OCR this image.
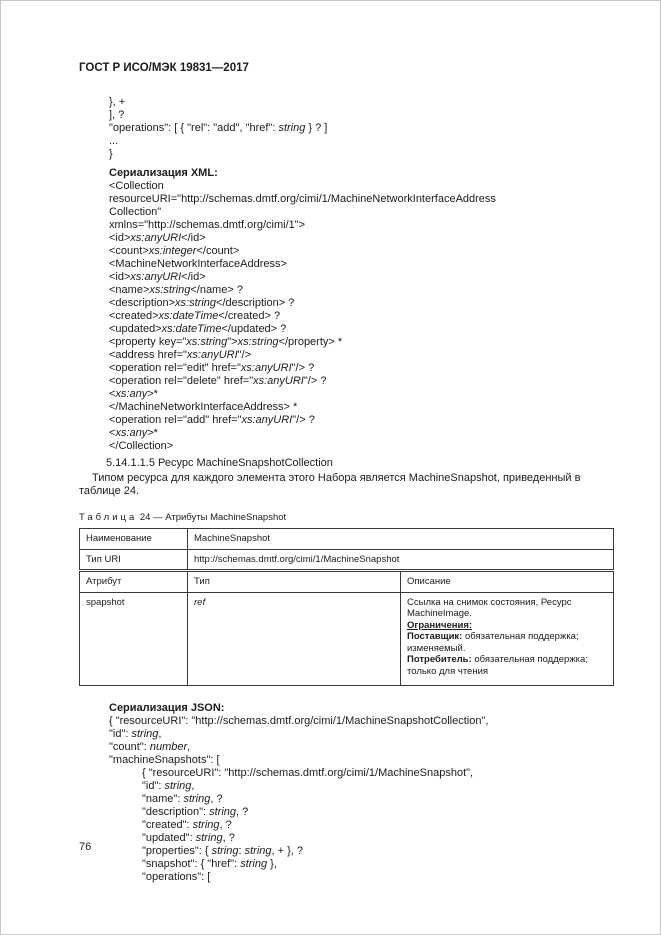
ГОСТ Р ИСО/МЭК 19831—2017
}, +
], ?
"operations": [ { "rel": "add", "href": string } ? ]
...
}
Сериализация XML:
<Collection
resourceURI="http://schemas.dmtf.org/cimi/1/MachineNetworkInterfaceAddress
Collection"
xmlns="http://schemas.dmtf.org/cimi/1">
<id>xs:anyURI</id>
<count>xs:integer</count>
<MachineNetworkInterfaceAddress>
<id>xs:anyURI</id>
<name>xs:string</name> ?
<description>xs:string</description> ?
<created>xs:dateTime</created> ?
<updated>xs:dateTime</updated> ?
<property key="xs:string">xs:string</property> *
<address href="xs:anyURI"/>
<operation rel="edit" href="xs:anyURI"/> ?
<operation rel="delete" href="xs:anyURI"/> ?
<xs:any>*
</MachineNetworkInterfaceAddress> *
<operation rel="add" href="xs:anyURI"/> ?
<xs:any>*
</Collection>
5.14.1.1.5 Ресурс MachineSnapshotCollection

Типом ресурса для каждого элемента этого Набора является MachineSnapshot, приведенный в таблице 24.

Таблица 24 — Атрибуты MachineSnapshot
Наименование	MachineSnapshot	
Тип URI	http://schemas.dmtf.org/cimi/1/MachineSnapshot	
Атрибут	Тип	Описание
spapshot	ref	Ссылка на снимок состояния, Ресурс MachineImage.
Ограничения:
Поставщик: обязательная поддержка; изменяемый.
Потребитель: обязательная поддержка; только для чтения
Сериализация JSON:
{ "resourceURI": "http://schemas.dmtf.org/cimi/1/MachineSnapshotCollection",
"id": string,
"count": number,
"machineSnapshots": [
{ "resourceURI": "http://schemas.dmtf.org/cimi/1/MachineSnapshot",
"id": string,
"name": string, ?
"description": string, ?
"created": string, ?
"updated": string, ?
"properties": { string: string, + }, ?
"snapshot": { "href": string },
"operations": [
76
